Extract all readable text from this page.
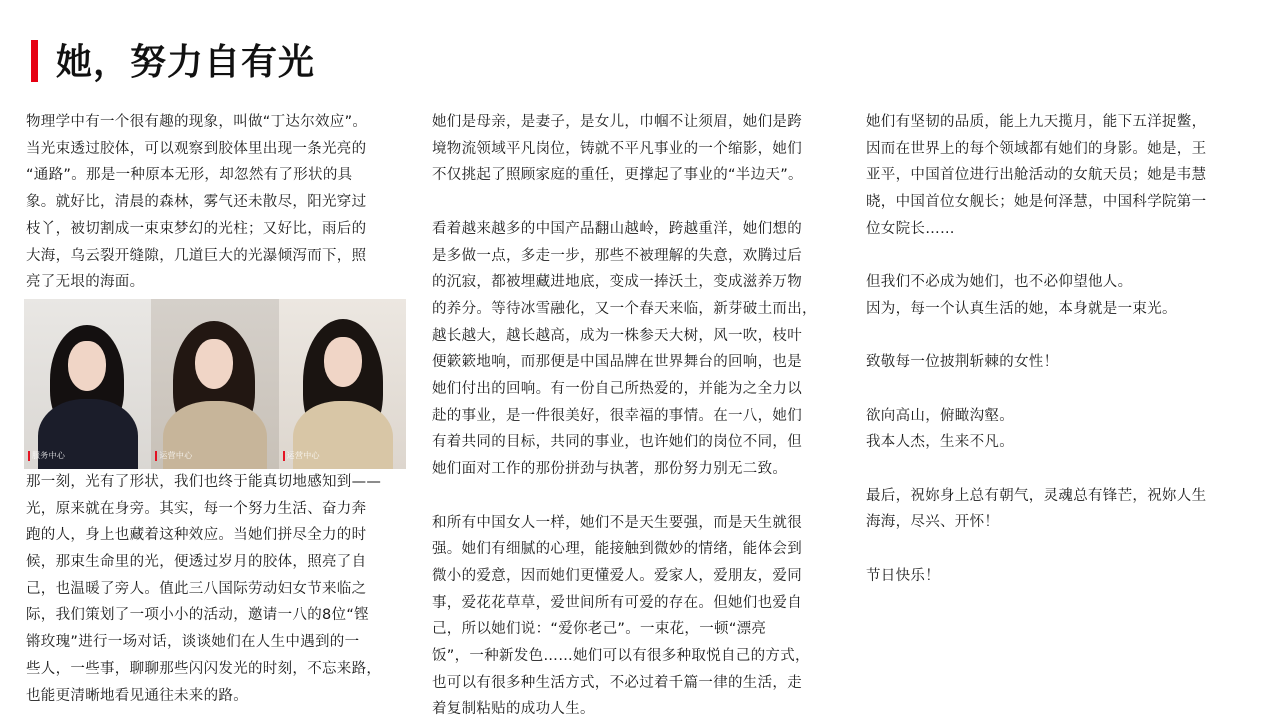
她，努力自有光

物理学中有一个很有趣的现象，叫做“丁达尔效应”。
当光束透过胶体，可以观察到胶体里出现一条光亮的
“通路”。那是一种原本无形，却忽然有了形状的具
象。就好比，清晨的森林，雾气还未散尽，阳光穿过
枝丫，被切割成一束束梦幻的光柱；又好比，雨后的
大海，乌云裂开缝隙，几道巨大的光瀑倾泻而下，照
亮了无垠的海面。

服务中心	运营中心	运营中心

那一刻，光有了形状，我们也终于能真切地感知到——
光，原来就在身旁。其实，每一个努力生活、奋力奔
跑的人，身上也藏着这种效应。当她们拼尽全力的时
候，那束生命里的光，便透过岁月的胶体，照亮了自
己，也温暖了旁人。值此三八国际劳动妇女节来临之
际，我们策划了一项小小的活动，邀请一八的8位“铿
锵玫瑰”进行一场对话，谈谈她们在人生中遇到的一
些人，一些事，聊聊那些闪闪发光的时刻，不忘来路，
也能更清晰地看见通往未来的路。

她们是母亲，是妻子，是女儿，巾帼不让须眉，她们是跨
境物流领域平凡岗位，铸就不平凡事业的一个缩影，她们
不仅挑起了照顾家庭的重任，更撑起了事业的“半边天”。

看着越来越多的中国产品翻山越岭，跨越重洋，她们想的
是多做一点，多走一步，那些不被理解的失意，欢腾过后
的沉寂，都被埋藏进地底，变成一捧沃土，变成滋养万物
的养分。等待冰雪融化，又一个春天来临，新芽破土而出，
越长越大，越长越高，成为一株参天大树，风一吹，枝叶
便簌簌地响，而那便是中国品牌在世界舞台的回响，也是
她们付出的回响。有一份自己所热爱的，并能为之全力以
赴的事业，是一件很美好，很幸福的事情。在一八，她们
有着共同的目标，共同的事业，也许她们的岗位不同，但
她们面对工作的那份拼劲与执著，那份努力别无二致。

和所有中国女人一样，她们不是天生要强，而是天生就很
强。她们有细腻的心理，能接触到微妙的情绪，能体会到
微小的爱意，因而她们更懂爱人。爱家人，爱朋友，爱同
事，爱花花草草，爱世间所有可爱的存在。但她们也爱自
己，所以她们说：“爱你老己”。一束花，一顿“漂亮
饭”，一种新发色……她们可以有很多种取悦自己的方式，
也可以有很多种生活方式，不必过着千篇一律的生活，走
着复制粘贴的成功人生。

她们有坚韧的品质，能上九天揽月，能下五洋捉鳖，
因而在世界上的每个领域都有她们的身影。她是，王
亚平，中国首位进行出舱活动的女航天员；她是韦慧
晓，中国首位女舰长；她是何泽慧，中国科学院第一
位女院长……

但我们不必成为她们，也不必仰望他人。
因为，每一个认真生活的她，本身就是一束光。

致敬每一位披荆斩棘的女性！

欲向高山，俯瞰沟壑。
我本人杰，生来不凡。

最后，祝妳身上总有朝气，灵魂总有锋芒，祝妳人生
海海，尽兴、开怀！

节日快乐！
